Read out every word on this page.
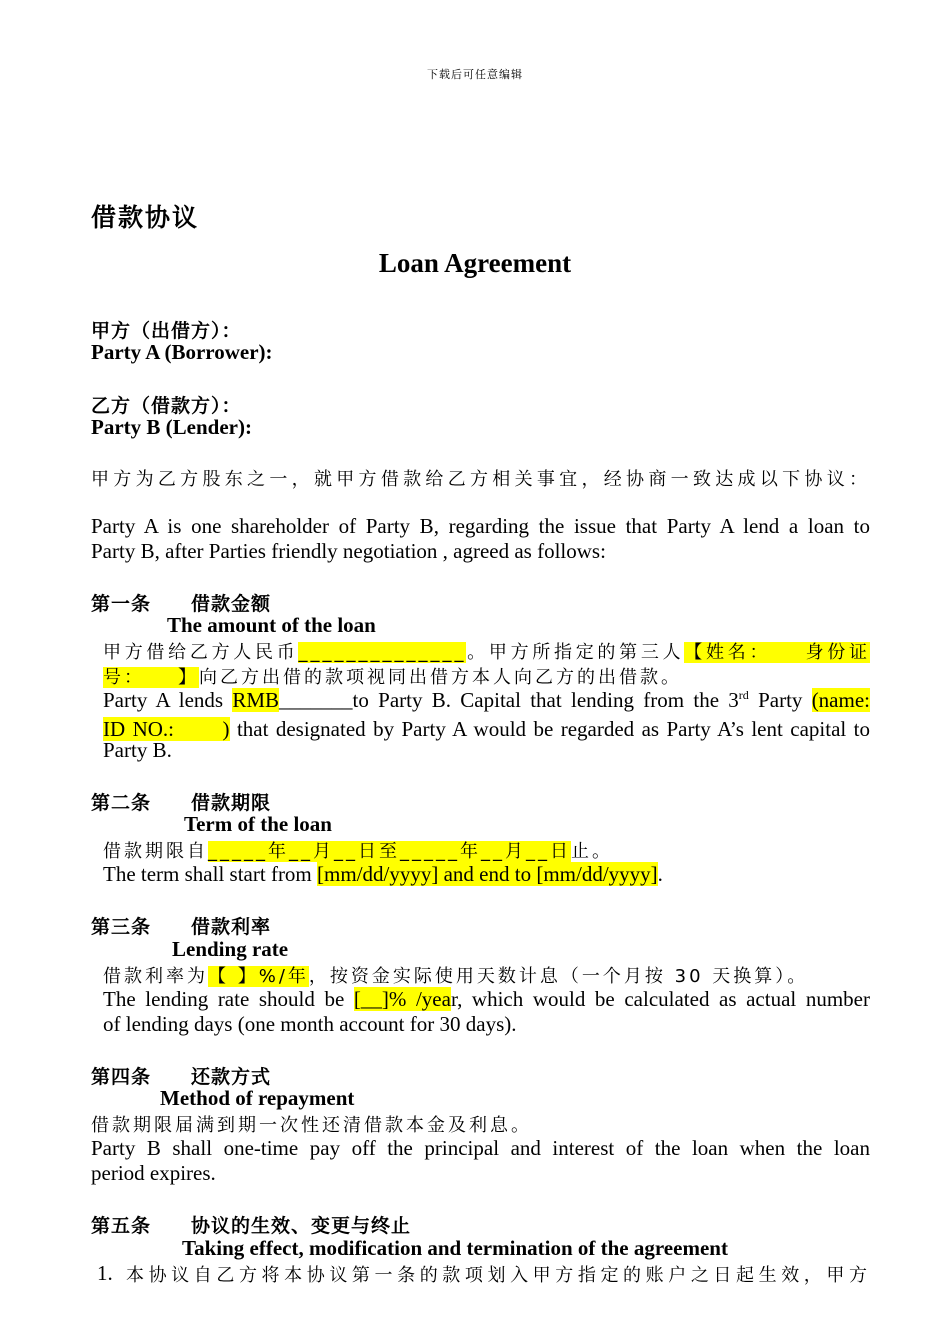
下载后可任意编辑
借款协议
Loan Agreement
甲方（出借方）：
Party A (Borrower):
乙方（借款方）：
Party B (Lender):
甲方为乙方股东之一，就甲方借款给乙方相关事宜，经协商一致达成以下协议：
Party A is one shareholder of Party B, regarding the issue that Party A lend a loan to
Party B, after Parties friendly negotiation , agreed as follows:
第一条 借款金额
The amount of the loan
甲方借给乙方人民币______________。甲方所指定的第三人【姓名：　　身份证
号：　　】向乙方出借的款项视同出借方本人向乙方的出借款。
Party A lends RMB_______to Party B. Capital that lending from the 3rd Party (name:
ID NO.:　　) that designated by Party A would be regarded as Party A’s lent capital to
Party B.
第二条 借款期限
Term of the loan
借款期限自_____年__月__日至_____年__月__日止。
The term shall start from [mm/dd/yyyy] and end to [mm/dd/yyyy].
第三条 借款利率
Lending rate
借款利率为【 】%/年，按资金实际使用天数计息（一个月按 30 天换算）。
The lending rate should be [__]% /year, which would be calculated as actual number
of lending days (one month account for 30 days).
第四条 还款方式
Method of repayment
借款期限届满到期一次性还清借款本金及利息。
Party B shall one-time pay off the principal and interest of the loan when the loan
period expires.
第五条 协议的生效、变更与终止
Taking effect, modification and termination of the agreement
1. 本协议自乙方将本协议第一条的款项划入甲方指定的账户之日起生效，甲方
